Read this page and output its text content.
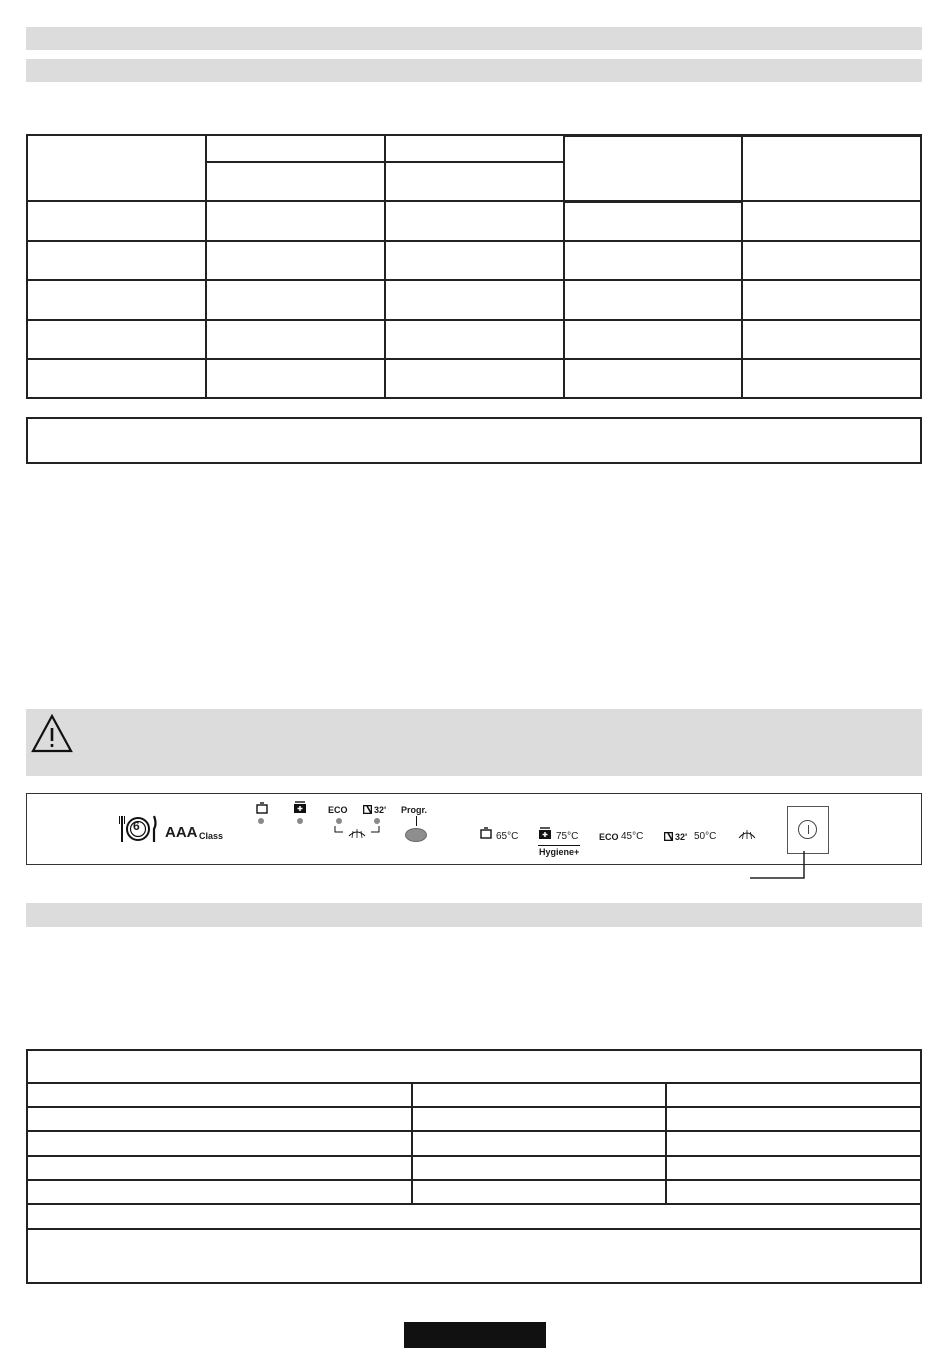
6 AAA Class
ECO	32' Progr.
65°C	75°C
Hygiene+
ECO 45°C	32' 50°C
